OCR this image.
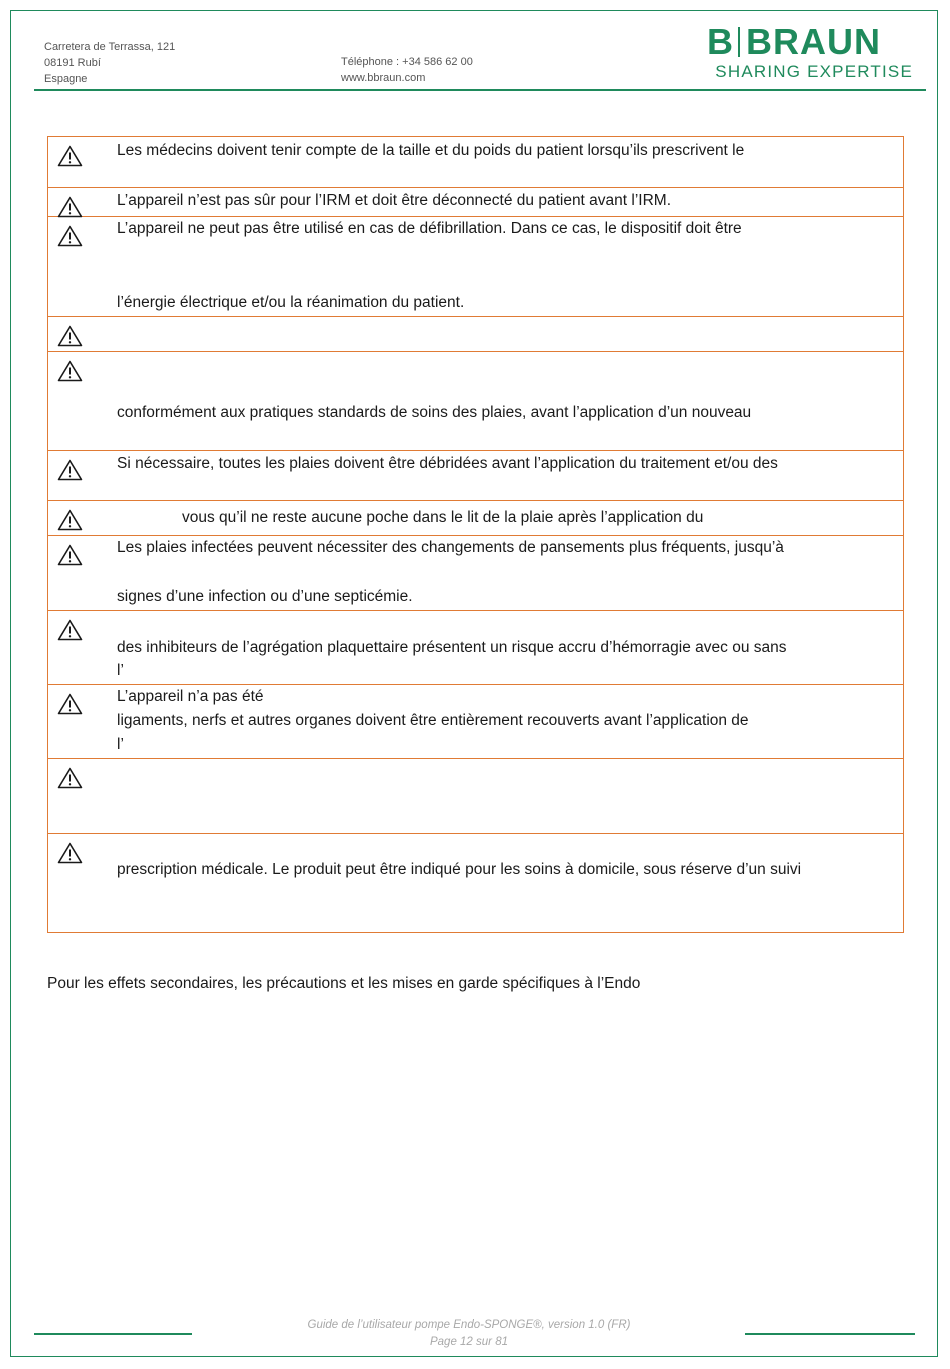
Carretera de Terrassa, 121
08191 Rubí
Espagne
Téléphone : +34 586 62 00
www.bbraun.com
B BRAUN
SHARING EXPERTISE

Les médecins doivent tenir compte de la taille et du poids du patient lorsqu’ils prescrivent le

L’appareil n’est pas sûr pour l’IRM et doit être déconnecté du patient avant l’IRM.

L’appareil ne peut pas être utilisé en cas de défibrillation. Dans ce cas, le dispositif doit être
l’énergie électrique et/ou la réanimation du patient.

conformément aux pratiques standards de soins des plaies, avant l’application d’un nouveau

Si nécessaire, toutes les plaies doivent être débridées avant l’application du traitement et/ou des

vous qu’il ne reste aucune poche dans le lit de la plaie après l’application du

Les plaies infectées peuvent nécessiter des changements de pansements plus fréquents, jusqu’à
signes d’une infection ou d’une septicémie.

des inhibiteurs de l’agrégation plaquettaire présentent un risque accru d’hémorragie avec ou sans
l’

L’appareil n’a pas été
ligaments, nerfs et autres organes doivent être entièrement recouverts avant l’application de
l’

prescription médicale. Le produit peut être indiqué pour les soins à domicile, sous réserve d’un suivi
Pour les effets secondaires, les précautions et les mises en garde spécifiques à l’Endo
Guide de l’utilisateur pompe Endo-SPONGE®, version 1.0 (FR)
Page 12 sur 81
